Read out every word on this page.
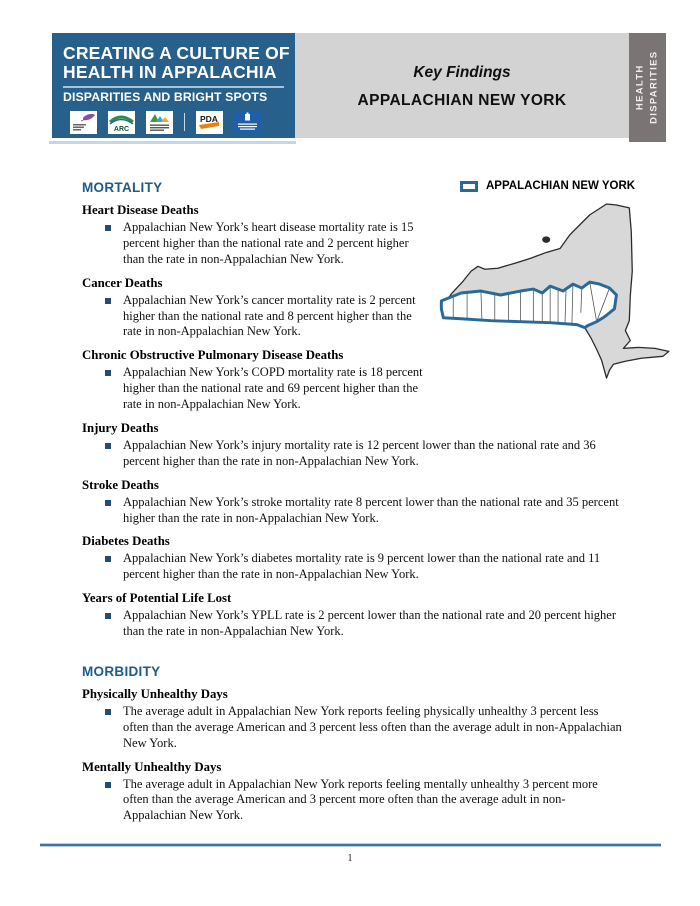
CREATING A CULTURE OF
HEALTH IN APPALACHIA
DISPARITIES AND BRIGHT SPOTS
ARC
PDA
Key Findings
APPALACHIAN NEW YORK	HEALTH DISPARITIES
APPALACHIAN NEW YORK
MORTALITY
Heart Disease Deaths
Appalachian New York’s heart disease mortality rate is 15 percent higher than the national rate and 2 percent higher than the rate in non-Appalachian New York.
Cancer Deaths
Appalachian New York’s cancer mortality rate is 2 percent higher than the national rate and 8 percent higher than the rate in non-Appalachian New York.
Chronic Obstructive Pulmonary Disease Deaths
Appalachian New York’s COPD mortality rate is 18 percent higher than the national rate and 69 percent higher than the rate in non-Appalachian New York.
Injury Deaths
Appalachian New York’s injury mortality rate is 12 percent lower than the national rate and 36 percent higher than the rate in non-Appalachian New York.
Stroke Deaths
Appalachian New York’s stroke mortality rate 8 percent lower than the national rate and 35 percent higher than the rate in non-Appalachian New York.
Diabetes Deaths
Appalachian New York’s diabetes mortality rate is 9 percent lower than the national rate and 11 percent higher than the rate in non-Appalachian New York.
Years of Potential Life Lost
Appalachian New York’s YPLL rate is 2 percent lower than the national rate and 20 percent higher than the rate in non-Appalachian New York.
MORBIDITY
Physically Unhealthy Days
The average adult in Appalachian New York reports feeling physically unhealthy 3 percent less often than the average American and 3 percent less often than the average adult in non-Appalachian New York.
Mentally Unhealthy Days
The average adult in Appalachian New York reports feeling mentally unhealthy 3 percent more often than the average American and 3 percent more often than the average adult in non-Appalachian New York.
1
